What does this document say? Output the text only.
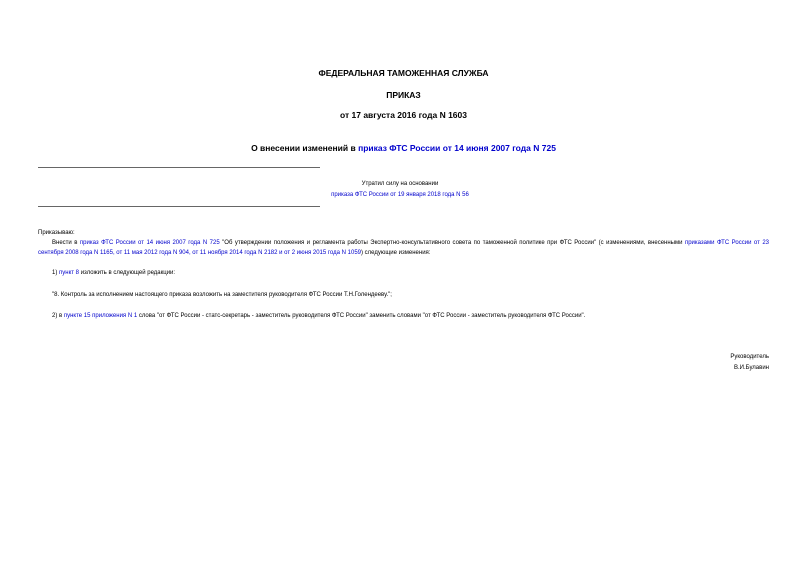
ФЕДЕРАЛЬНАЯ ТАМОЖЕННАЯ СЛУЖБА
ПРИКАЗ
от 17 августа 2016 года N 1603
О внесении изменений в приказ ФТС России от 14 июня 2007 года N 725
Утратил силу на основании
приказа ФТС России от 19 января 2018 года N 56
Приказываю:
Внести в приказ ФТС России от 14 июня 2007 года N 725 "Об утверждении положения и регламента работы Экспертно-консультативного совета по таможенной политике при ФТС России" (с изменениями, внесенными приказами ФТС России от 23 сентября 2008 года N 1165, от 11 мая 2012 года N 904, от 11 ноября 2014 года N 2182 и от 2 июня 2015 года N 1059) следующие изменения:
1) пункт 8 изложить в следующей редакции:
"8. Контроль за исполнением настоящего приказа возложить на заместителя руководителя ФТС России Т.Н.Голендееву.";
2) в пункте 15 приложения N 1 слова "от ФТС России - статс-секретарь - заместитель руководителя ФТС России" заменить словами "от ФТС России - заместитель руководителя ФТС России".
Руководитель
В.И.Булавин
